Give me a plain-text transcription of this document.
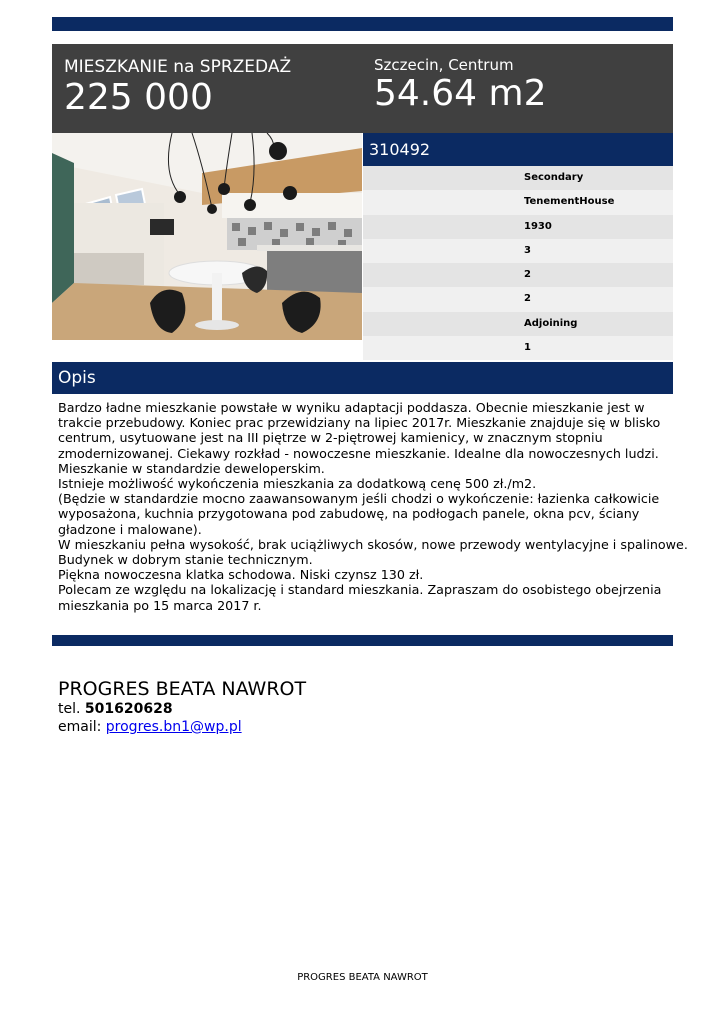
MIESZKANIE na SPRZEDAŻ
225 000
Szczecin, Centrum
54.64 m2
310492
Secondary
TenementHouse
1930
3
2
2
Adjoining
1
Opis
Bardzo ładne mieszkanie powstałe w wyniku adaptacji poddasza. Obecnie mieszkanie jest w
trakcie przebudowy. Koniec prac przewidziany na lipiec 2017r. Mieszkanie znajduje się w blisko
centrum, usytuowane jest na III piętrze w 2-piętrowej kamienicy, w znacznym stopniu
zmodernizowanej. Ciekawy rozkład - nowoczesne mieszkanie. Idealne dla nowoczesnych ludzi.
Mieszkanie w standardzie deweloperskim.
Istnieje możliwość wykończenia mieszkania za dodatkową cenę 500 zł./m2.
(Będzie w standardzie mocno zaawansowanym jeśli chodzi o wykończenie: łazienka całkowicie
wyposażona, kuchnia przygotowana pod zabudowę, na podłogach panele, okna pcv, ściany
gładzone i malowane).
W mieszkaniu pełna wysokość, brak uciążliwych skosów, nowe przewody wentylacyjne i spalinowe.
Budynek w dobrym stanie technicznym.
Piękna nowoczesna klatka schodowa. Niski czynsz 130 zł.
Polecam ze względu na lokalizację i standard mieszkania. Zapraszam do osobistego obejrzenia
mieszkania po 15 marca 2017 r.
PROGRES BEATA NAWROT
tel. 501620628
email: progres.bn1@wp.pl
PROGRES BEATA NAWROT
